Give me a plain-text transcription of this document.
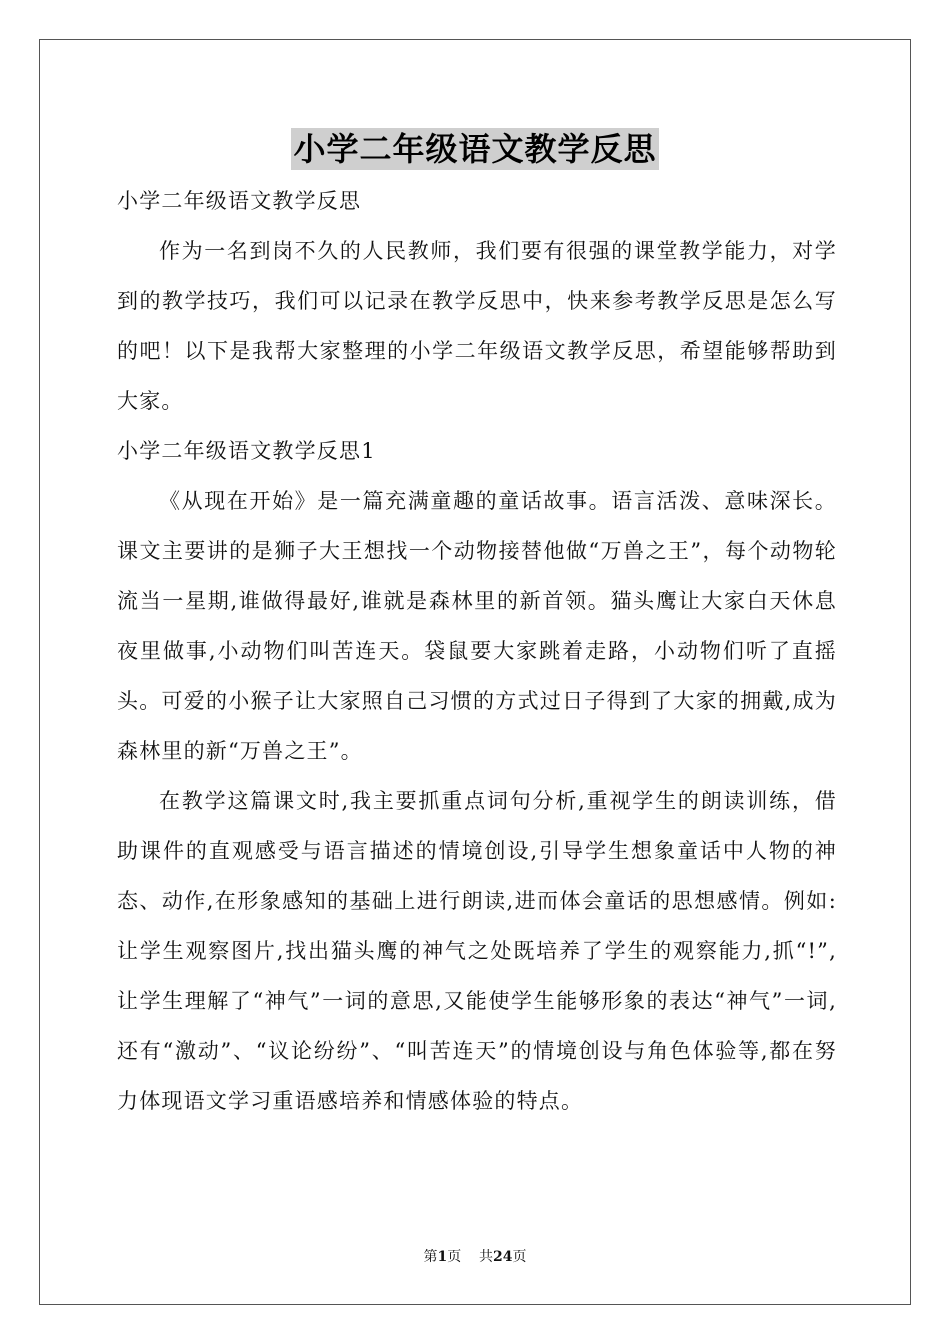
小学二年级语文教学反思

小学二年级语文教学反思

作为一名到岗不久的人民教师，我们要有很强的课堂教学能力，对学到的教学技巧，我们可以记录在教学反思中，快来参考教学反思是怎么写的吧！以下是我帮大家整理的小学二年级语文教学反思，希望能够帮助到大家。

小学二年级语文教学反思1

《从现在开始》是一篇充满童趣的童话故事。语言活泼、意味深长。课文主要讲的是狮子大王想找一个动物接替他做“万兽之王”，每个动物轮流当一星期,谁做得最好,谁就是森林里的新首领。猫头鹰让大家白天休息夜里做事,小动物们叫苦连天。袋鼠要大家跳着走路，小动物们听了直摇头。可爱的小猴子让大家照自己习惯的方式过日子得到了大家的拥戴,成为森林里的新“万兽之王”。

在教学这篇课文时,我主要抓重点词句分析,重视学生的朗读训练，借助课件的直观感受与语言描述的情境创设,引导学生想象童话中人物的神态、动作,在形象感知的基础上进行朗读,进而体会童话的思想感情。例如:让学生观察图片,找出猫头鹰的神气之处既培养了学生的观察能力,抓“!”,让学生理解了“神气”一词的意思,又能使学生能够形象的表达“神气”一词,还有“激动”、“议论纷纷”、“叫苦连天”的情境创设与角色体验等,都在努力体现语文学习重语感培养和情感体验的特点。

第1页 共24页
